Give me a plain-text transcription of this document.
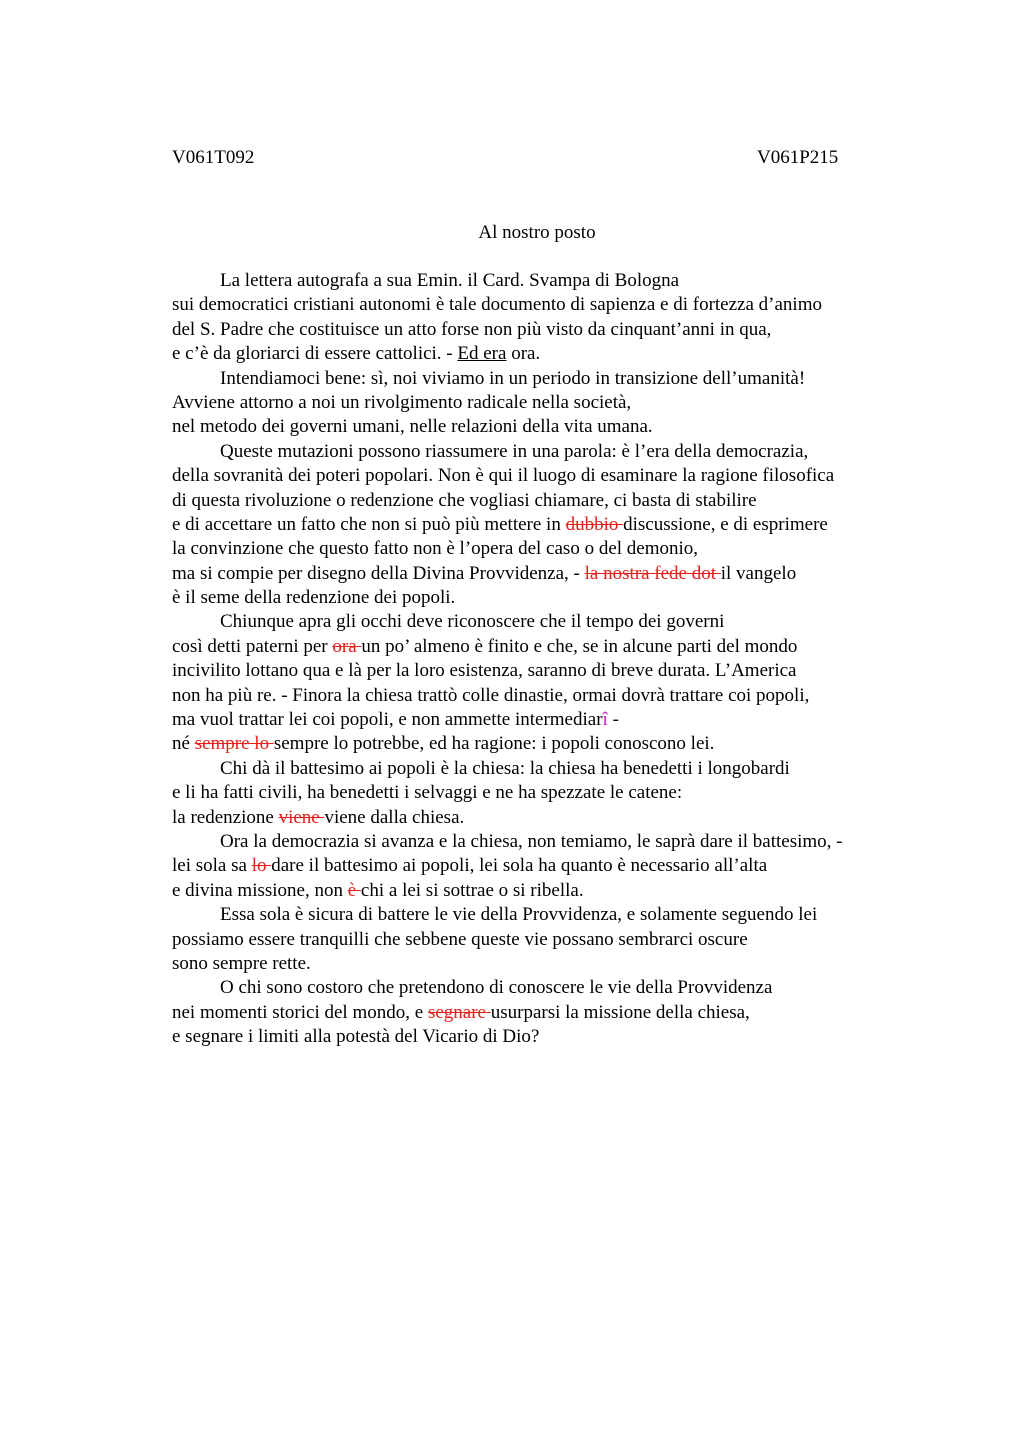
V061T092	V061P215
Al nostro posto
La lettera autografa a sua Emin. il Card. Svampa di Bologna
sui democratici cristiani autonomi è tale documento di sapienza e di fortezza d’animo
del S. Padre che costituisce un atto forse non più visto da cinquant’anni in qua,
e c’è da gloriarci di essere cattolici. - Ed era ora.
Intendiamoci bene: sì, noi viviamo in un periodo in transizione dell’umanità!
Avviene attorno a noi un rivolgimento radicale nella società,
nel metodo dei governi umani, nelle relazioni della vita umana.
Queste mutazioni possono riassumere in una parola: è l’era della democrazia,
della sovranità dei poteri popolari. Non è qui il luogo di esaminare la ragione filosofica
di questa rivoluzione o redenzione che vogliasi chiamare, ci basta di stabilire
e di accettare un fatto che non si può più mettere in dubbio discussione, e di esprimere
la convinzione che questo fatto non è l’opera del caso o del demonio,
ma si compie per disegno della Divina Provvidenza, - la nostra fede dot il vangelo
è il seme della redenzione dei popoli.
Chiunque apra gli occhi deve riconoscere che il tempo dei governi
così detti paterni per ora un po’ almeno è finito e che, se in alcune parti del mondo
incivilito lottano qua e là per la loro esistenza, saranno di breve durata. L’America
non ha più re. - Finora la chiesa trattò colle dinastie, ormai dovrà trattare coi popoli,
ma vuol trattar lei coi popoli, e non ammette intermediarî -
né sempre lo sempre lo potrebbe, ed ha ragione: i popoli conoscono lei.
Chi dà il battesimo ai popoli è la chiesa: la chiesa ha benedetti i longobardi
e li ha fatti civili, ha benedetti i selvaggi e ne ha spezzate le catene:
la redenzione viene viene dalla chiesa.
Ora la democrazia si avanza e la chiesa, non temiamo, le saprà dare il battesimo, -
lei sola sa lo dare il battesimo ai popoli, lei sola ha quanto è necessario all’alta
e divina missione, non è chi a lei si sottrae o si ribella.
Essa sola è sicura di battere le vie della Provvidenza, e solamente seguendo lei
possiamo essere tranquilli che sebbene queste vie possano sembrarci oscure
sono sempre rette.
O chi sono costoro che pretendono di conoscere le vie della Provvidenza
nei momenti storici del mondo, e segnare usurparsi la missione della chiesa,
e segnare i limiti alla potestà del Vicario di Dio?
